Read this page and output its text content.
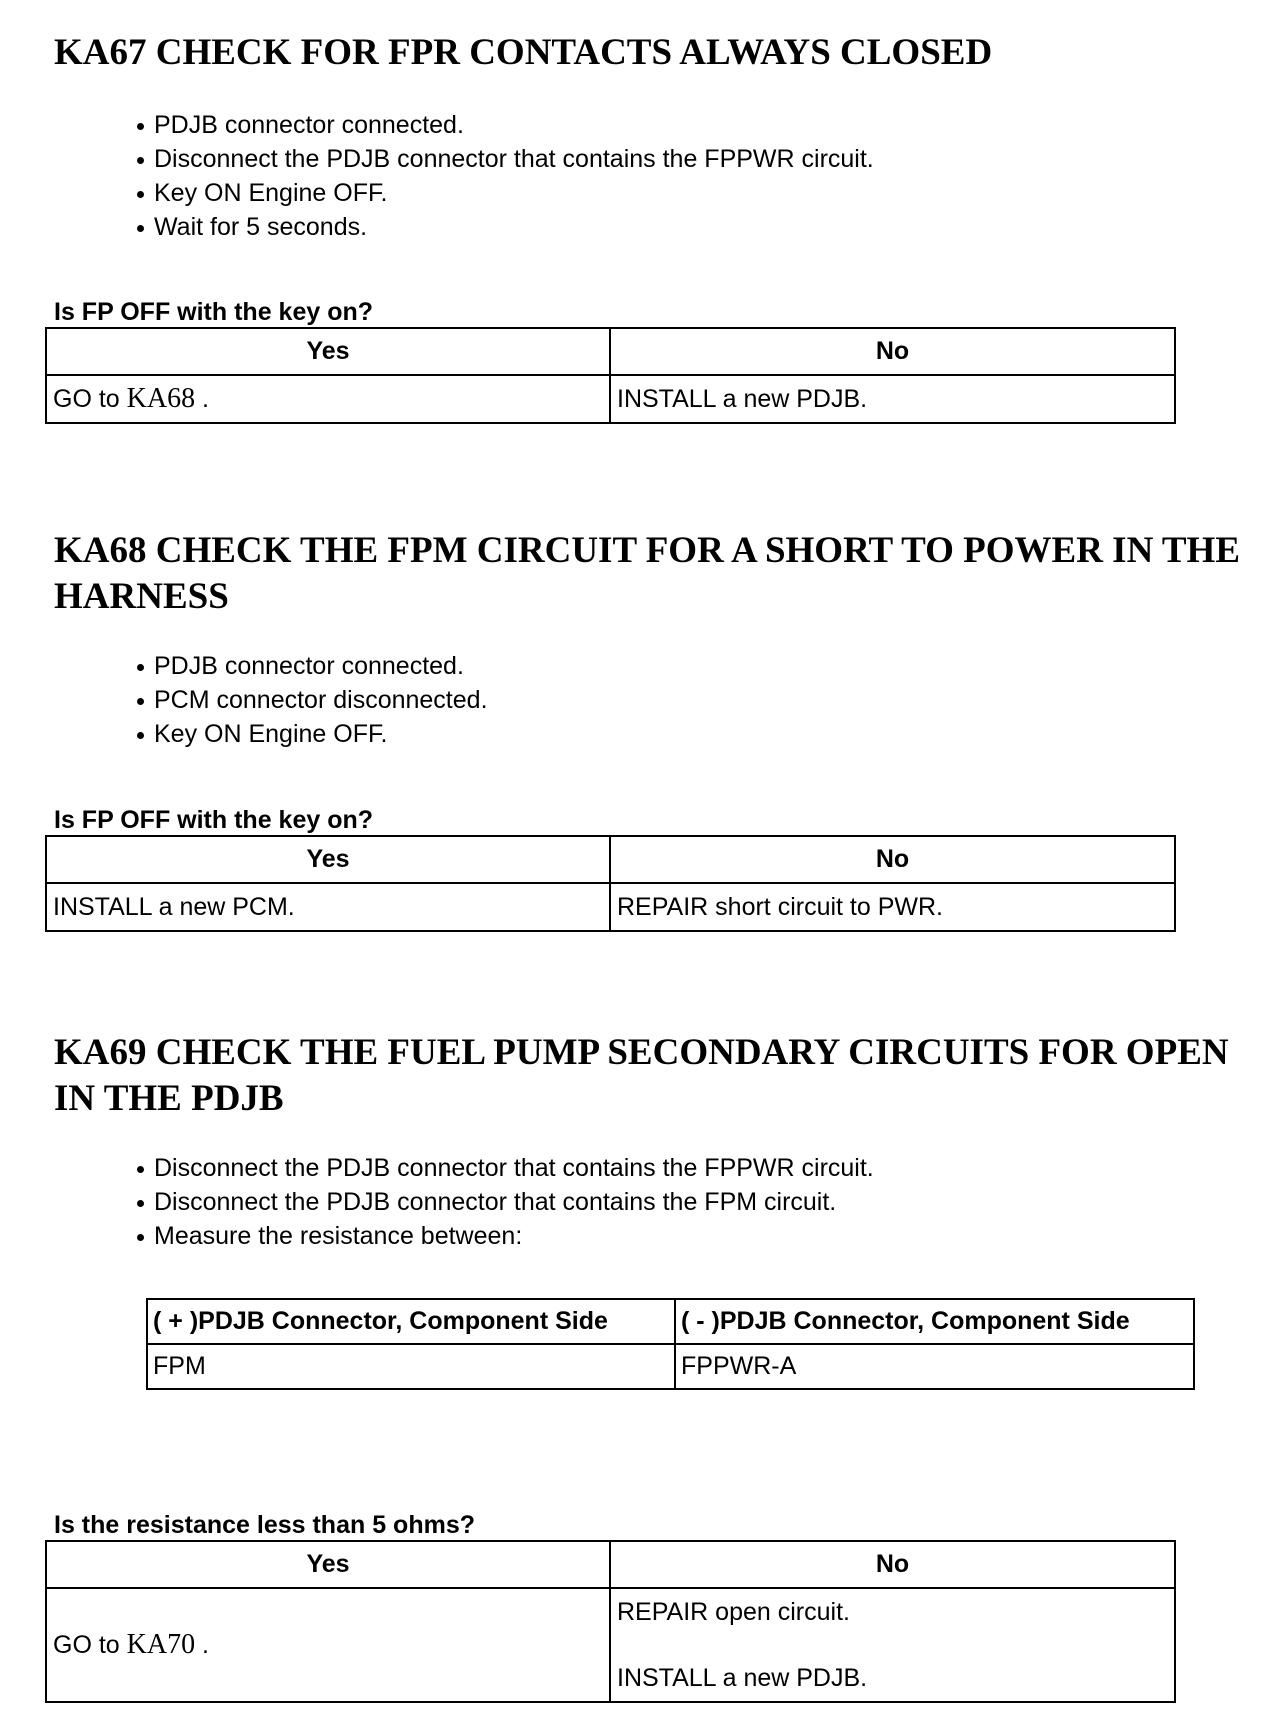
KA67 CHECK FOR FPR CONTACTS ALWAYS CLOSED
PDJB connector connected.
Disconnect the PDJB connector that contains the FPPWR circuit.
Key ON Engine OFF.
Wait for 5 seconds.

Is FP OFF with the key on?

Yes	No
GO to KA68 .	INSTALL a new PDJB.
KA68 CHECK THE FPM CIRCUIT FOR A SHORT TO POWER IN THE HARNESS
PDJB connector connected.
PCM connector disconnected.
Key ON Engine OFF.

Is FP OFF with the key on?

Yes	No
INSTALL a new PCM.	REPAIR short circuit to PWR.
KA69 CHECK THE FUEL PUMP SECONDARY CIRCUITS FOR OPEN IN THE PDJB
Disconnect the PDJB connector that contains the FPPWR circuit.
Disconnect the PDJB connector that contains the FPM circuit.
Measure the resistance between:
( + )PDJB Connector, Component Side	( - )PDJB Connector, Component Side
FPM	FPPWR-A

Is the resistance less than 5 ohms?

Yes	No
GO to KA70 .	REPAIR open circuit.

INSTALL a new PDJB.
